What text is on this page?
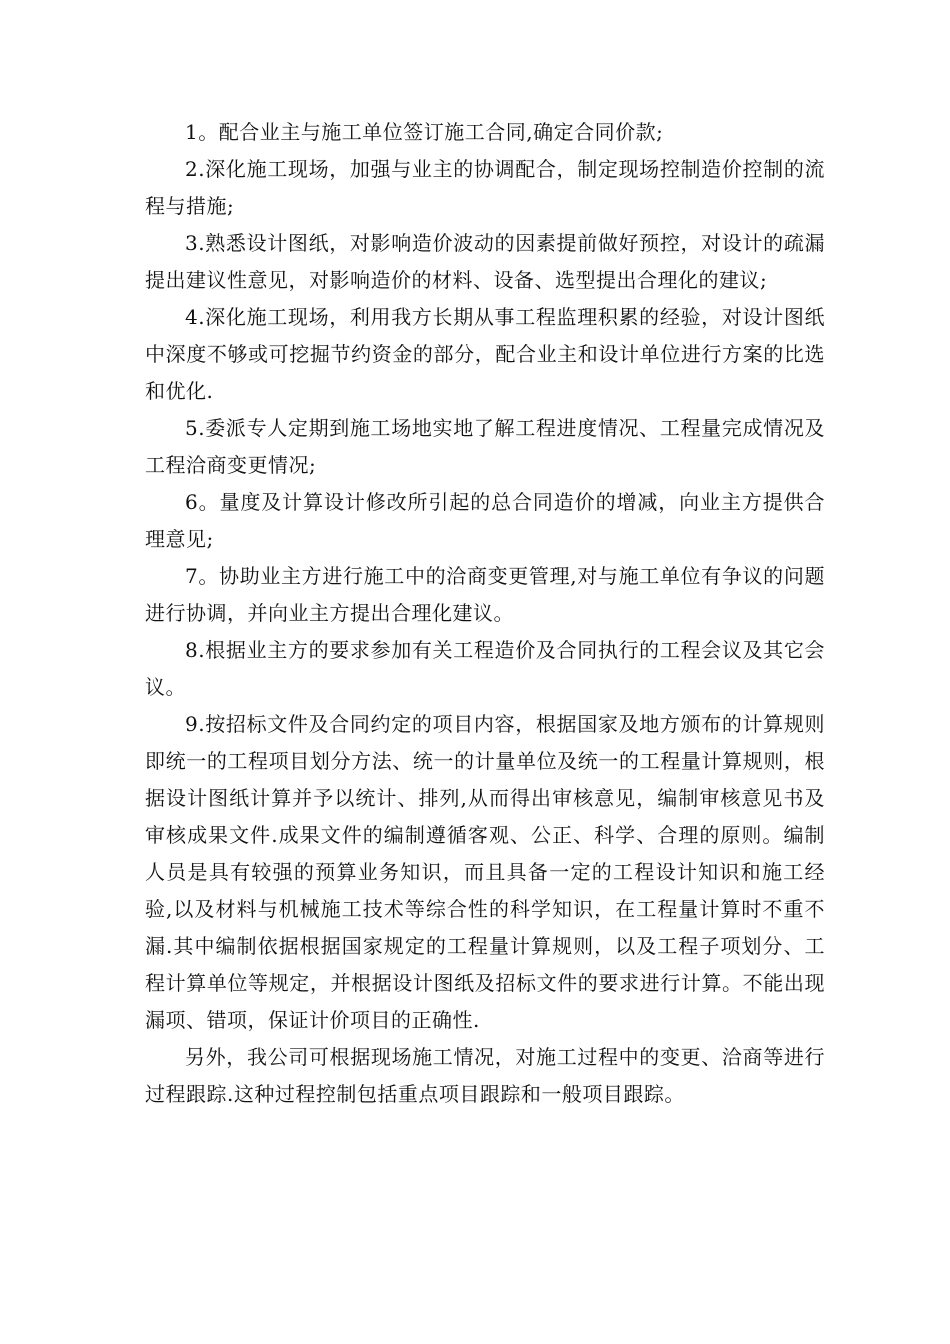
1。配合业主与施工单位签订施工合同,确定合同价款;

2.深化施工现场，加强与业主的协调配合，制定现场控制造价控制的流程与措施;

3.熟悉设计图纸，对影响造价波动的因素提前做好预控，对设计的疏漏提出建议性意见，对影响造价的材料、设备、选型提出合理化的建议;

4.深化施工现场，利用我方长期从事工程监理积累的经验，对设计图纸中深度不够或可挖掘节约资金的部分，配合业主和设计单位进行方案的比选和优化.

5.委派专人定期到施工场地实地了解工程进度情况、工程量完成情况及工程洽商变更情况;

6。量度及计算设计修改所引起的总合同造价的增减，向业主方提供合理意见;

7。协助业主方进行施工中的洽商变更管理,对与施工单位有争议的问题进行协调，并向业主方提出合理化建议。

8.根据业主方的要求参加有关工程造价及合同执行的工程会议及其它会议。

9.按招标文件及合同约定的项目内容，根据国家及地方颁布的计算规则即统一的工程项目划分方法、统一的计量单位及统一的工程量计算规则，根据设计图纸计算并予以统计、排列,从而得出审核意见，编制审核意见书及审核成果文件.成果文件的编制遵循客观、公正、科学、合理的原则。编制人员是具有较强的预算业务知识，而且具备一定的工程设计知识和施工经验,以及材料与机械施工技术等综合性的科学知识，在工程量计算时不重不漏.其中编制依据根据国家规定的工程量计算规则，以及工程子项划分、工程计算单位等规定，并根据设计图纸及招标文件的要求进行计算。不能出现漏项、错项，保证计价项目的正确性.

另外，我公司可根据现场施工情况，对施工过程中的变更、洽商等进行过程跟踪.这种过程控制包括重点项目跟踪和一般项目跟踪。
